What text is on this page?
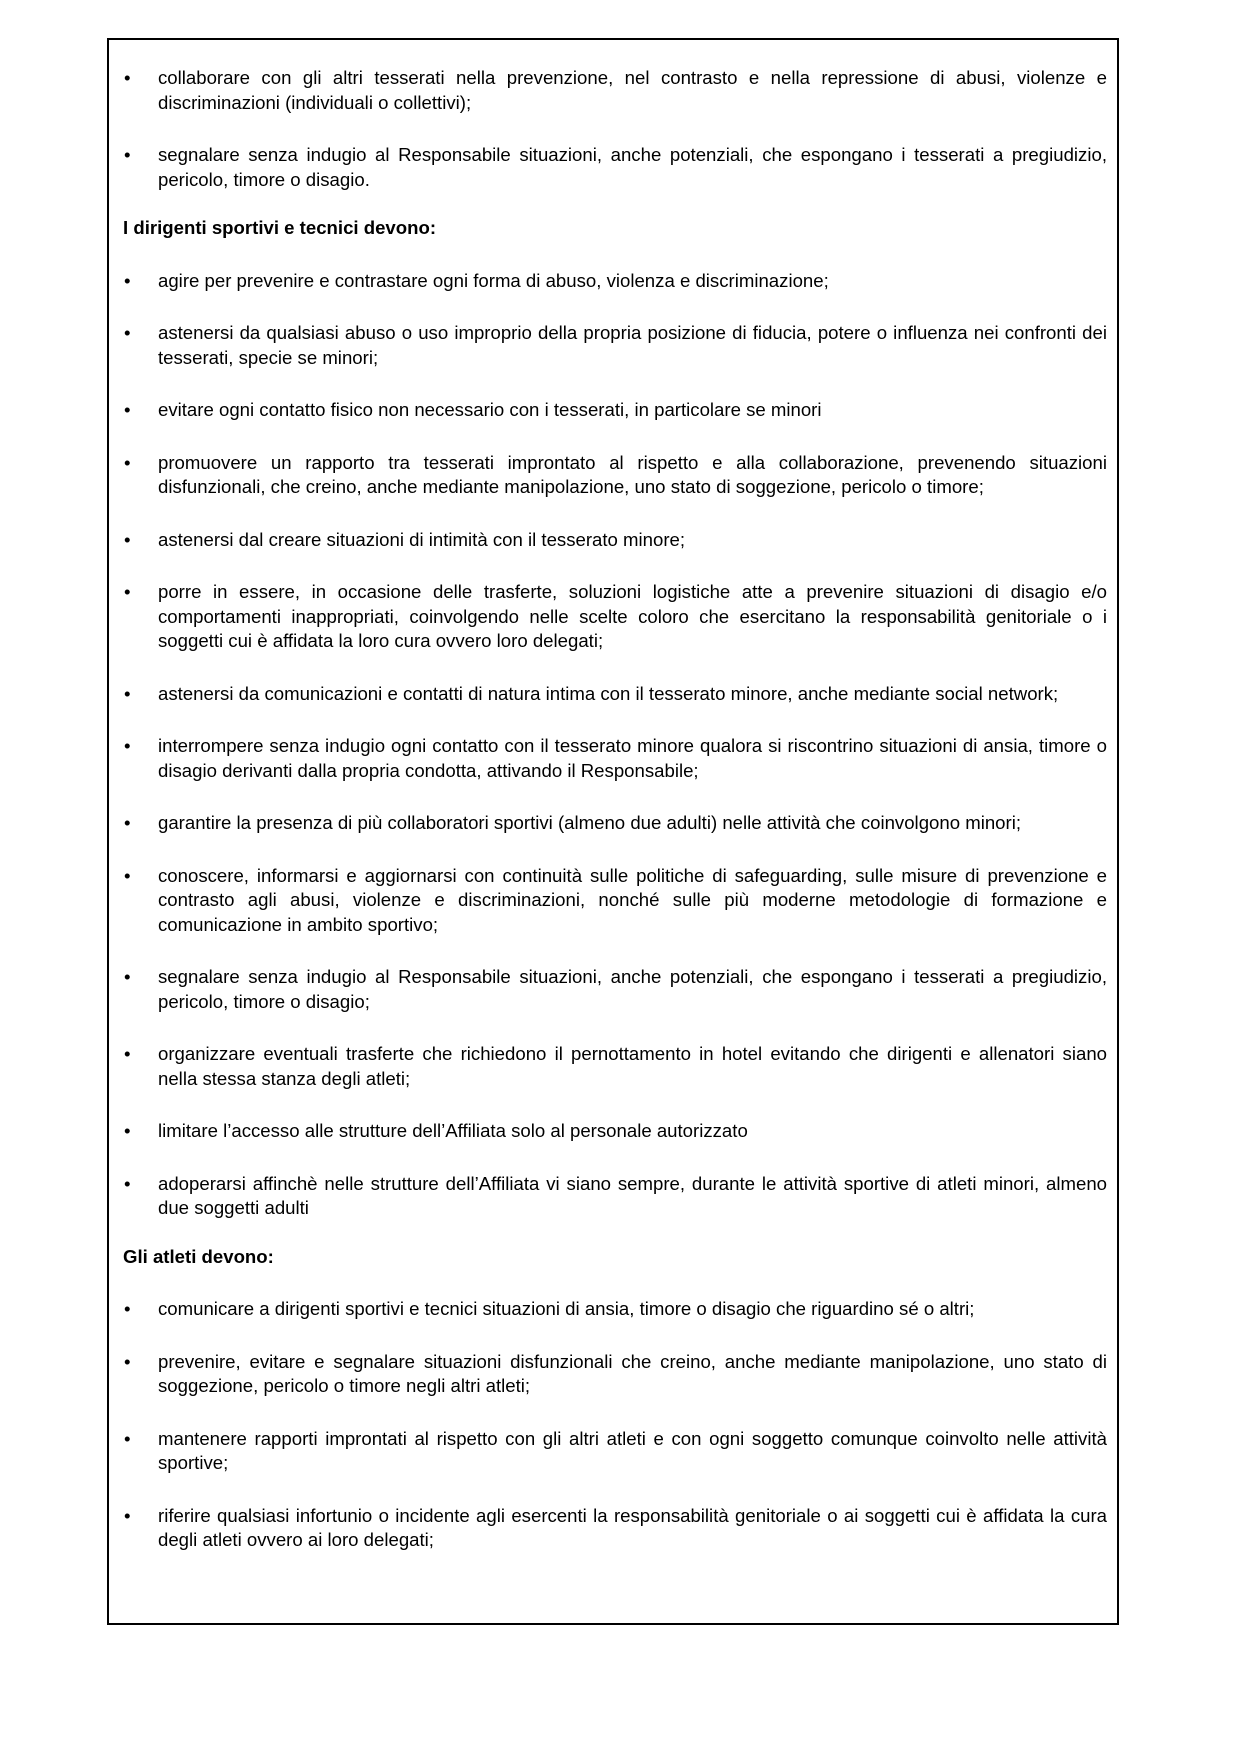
• collaborare con gli altri tesserati nella prevenzione, nel contrasto e nella repressione di abusi, violenze e discriminazioni (individuali o collettivi);
• segnalare senza indugio al Responsabile situazioni, anche potenziali, che espongano i tesserati a pregiudizio, pericolo, timore o disagio.
I dirigenti sportivi e tecnici devono:
• agire per prevenire e contrastare ogni forma di abuso, violenza e discriminazione;
• astenersi da qualsiasi abuso o uso improprio della propria posizione di fiducia, potere o influenza nei confronti dei tesserati, specie se minori;
• evitare ogni contatto fisico non necessario con i tesserati, in particolare se minori
• promuovere un rapporto tra tesserati improntato al rispetto e alla collaborazione, prevenendo situazioni disfunzionali, che creino, anche mediante manipolazione, uno stato di soggezione, pericolo o timore;
• astenersi dal creare situazioni di intimità con il tesserato minore;
• porre in essere, in occasione delle trasferte, soluzioni logistiche atte a prevenire situazioni di disagio e/o comportamenti inappropriati, coinvolgendo nelle scelte coloro che esercitano la responsabilità genitoriale o i soggetti cui è affidata la loro cura ovvero loro delegati;
• astenersi da comunicazioni e contatti di natura intima con il tesserato minore, anche mediante social network;
• interrompere senza indugio ogni contatto con il tesserato minore qualora si riscontrino situazioni di ansia, timore o disagio derivanti dalla propria condotta, attivando il Responsabile;
• garantire la presenza di più collaboratori sportivi (almeno due adulti) nelle attività che coinvolgono minori;
• conoscere, informarsi e aggiornarsi con continuità sulle politiche di safeguarding, sulle misure di prevenzione e contrasto agli abusi, violenze e discriminazioni, nonché sulle più moderne metodologie di formazione e comunicazione in ambito sportivo;
• segnalare senza indugio al Responsabile situazioni, anche potenziali, che espongano i tesserati a pregiudizio, pericolo, timore o disagio;
• organizzare eventuali trasferte che richiedono il pernottamento in hotel evitando che dirigenti e allenatori siano nella stessa stanza degli atleti;
• limitare l’accesso alle strutture dell’Affiliata solo al personale autorizzato
• adoperarsi affinchè nelle strutture dell’Affiliata vi siano sempre, durante le attività sportive di atleti minori, almeno due soggetti adulti
Gli atleti devono:
• comunicare a dirigenti sportivi e tecnici situazioni di ansia, timore o disagio che riguardino sé o altri;
• prevenire, evitare e segnalare situazioni disfunzionali che creino, anche mediante manipolazione, uno stato di soggezione, pericolo o timore negli altri atleti;
• mantenere rapporti improntati al rispetto con gli altri atleti e con ogni soggetto comunque coinvolto nelle attività sportive;
• riferire qualsiasi infortunio o incidente agli esercenti la responsabilità genitoriale o ai soggetti cui è affidata la cura degli atleti ovvero ai loro delegati;
